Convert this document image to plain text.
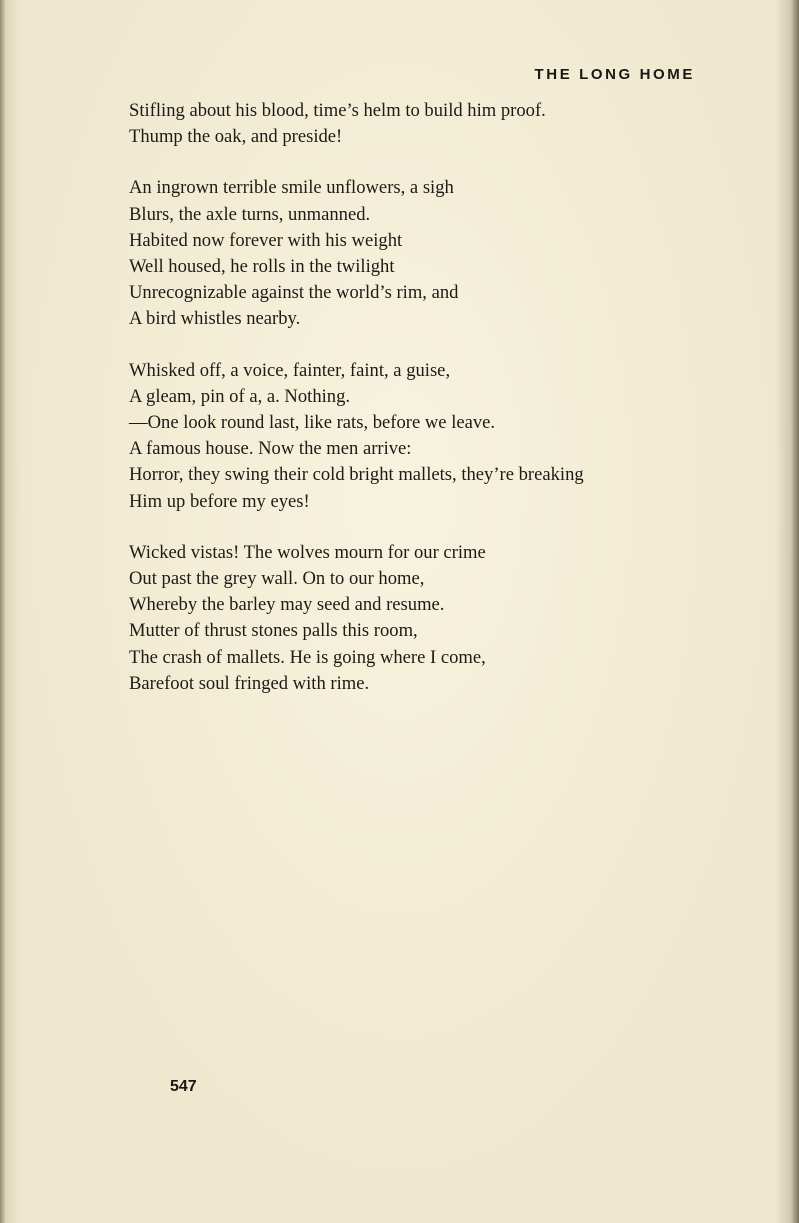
THE LONG HOME
Stifling about his blood, time’s helm to build him proof.
Thump the oak, and preside!
An ingrown terrible smile unflowers, a sigh
Blurs, the axle turns, unmanned.
Habited now forever with his weight
Well housed, he rolls in the twilight
Unrecognizable against the world’s rim, and
A bird whistles nearby.
Whisked off, a voice, fainter, faint, a guise,
A gleam, pin of a, a. Nothing.
—One look round last, like rats, before we leave.
A famous house. Now the men arrive:
Horror, they swing their cold bright mallets, they’re breaking
Him up before my eyes!
Wicked vistas! The wolves mourn for our crime
Out past the grey wall. On to our home,
Whereby the barley may seed and resume.
Mutter of thrust stones palls this room,
The crash of mallets. He is going where I come,
Barefoot soul fringed with rime.
547
